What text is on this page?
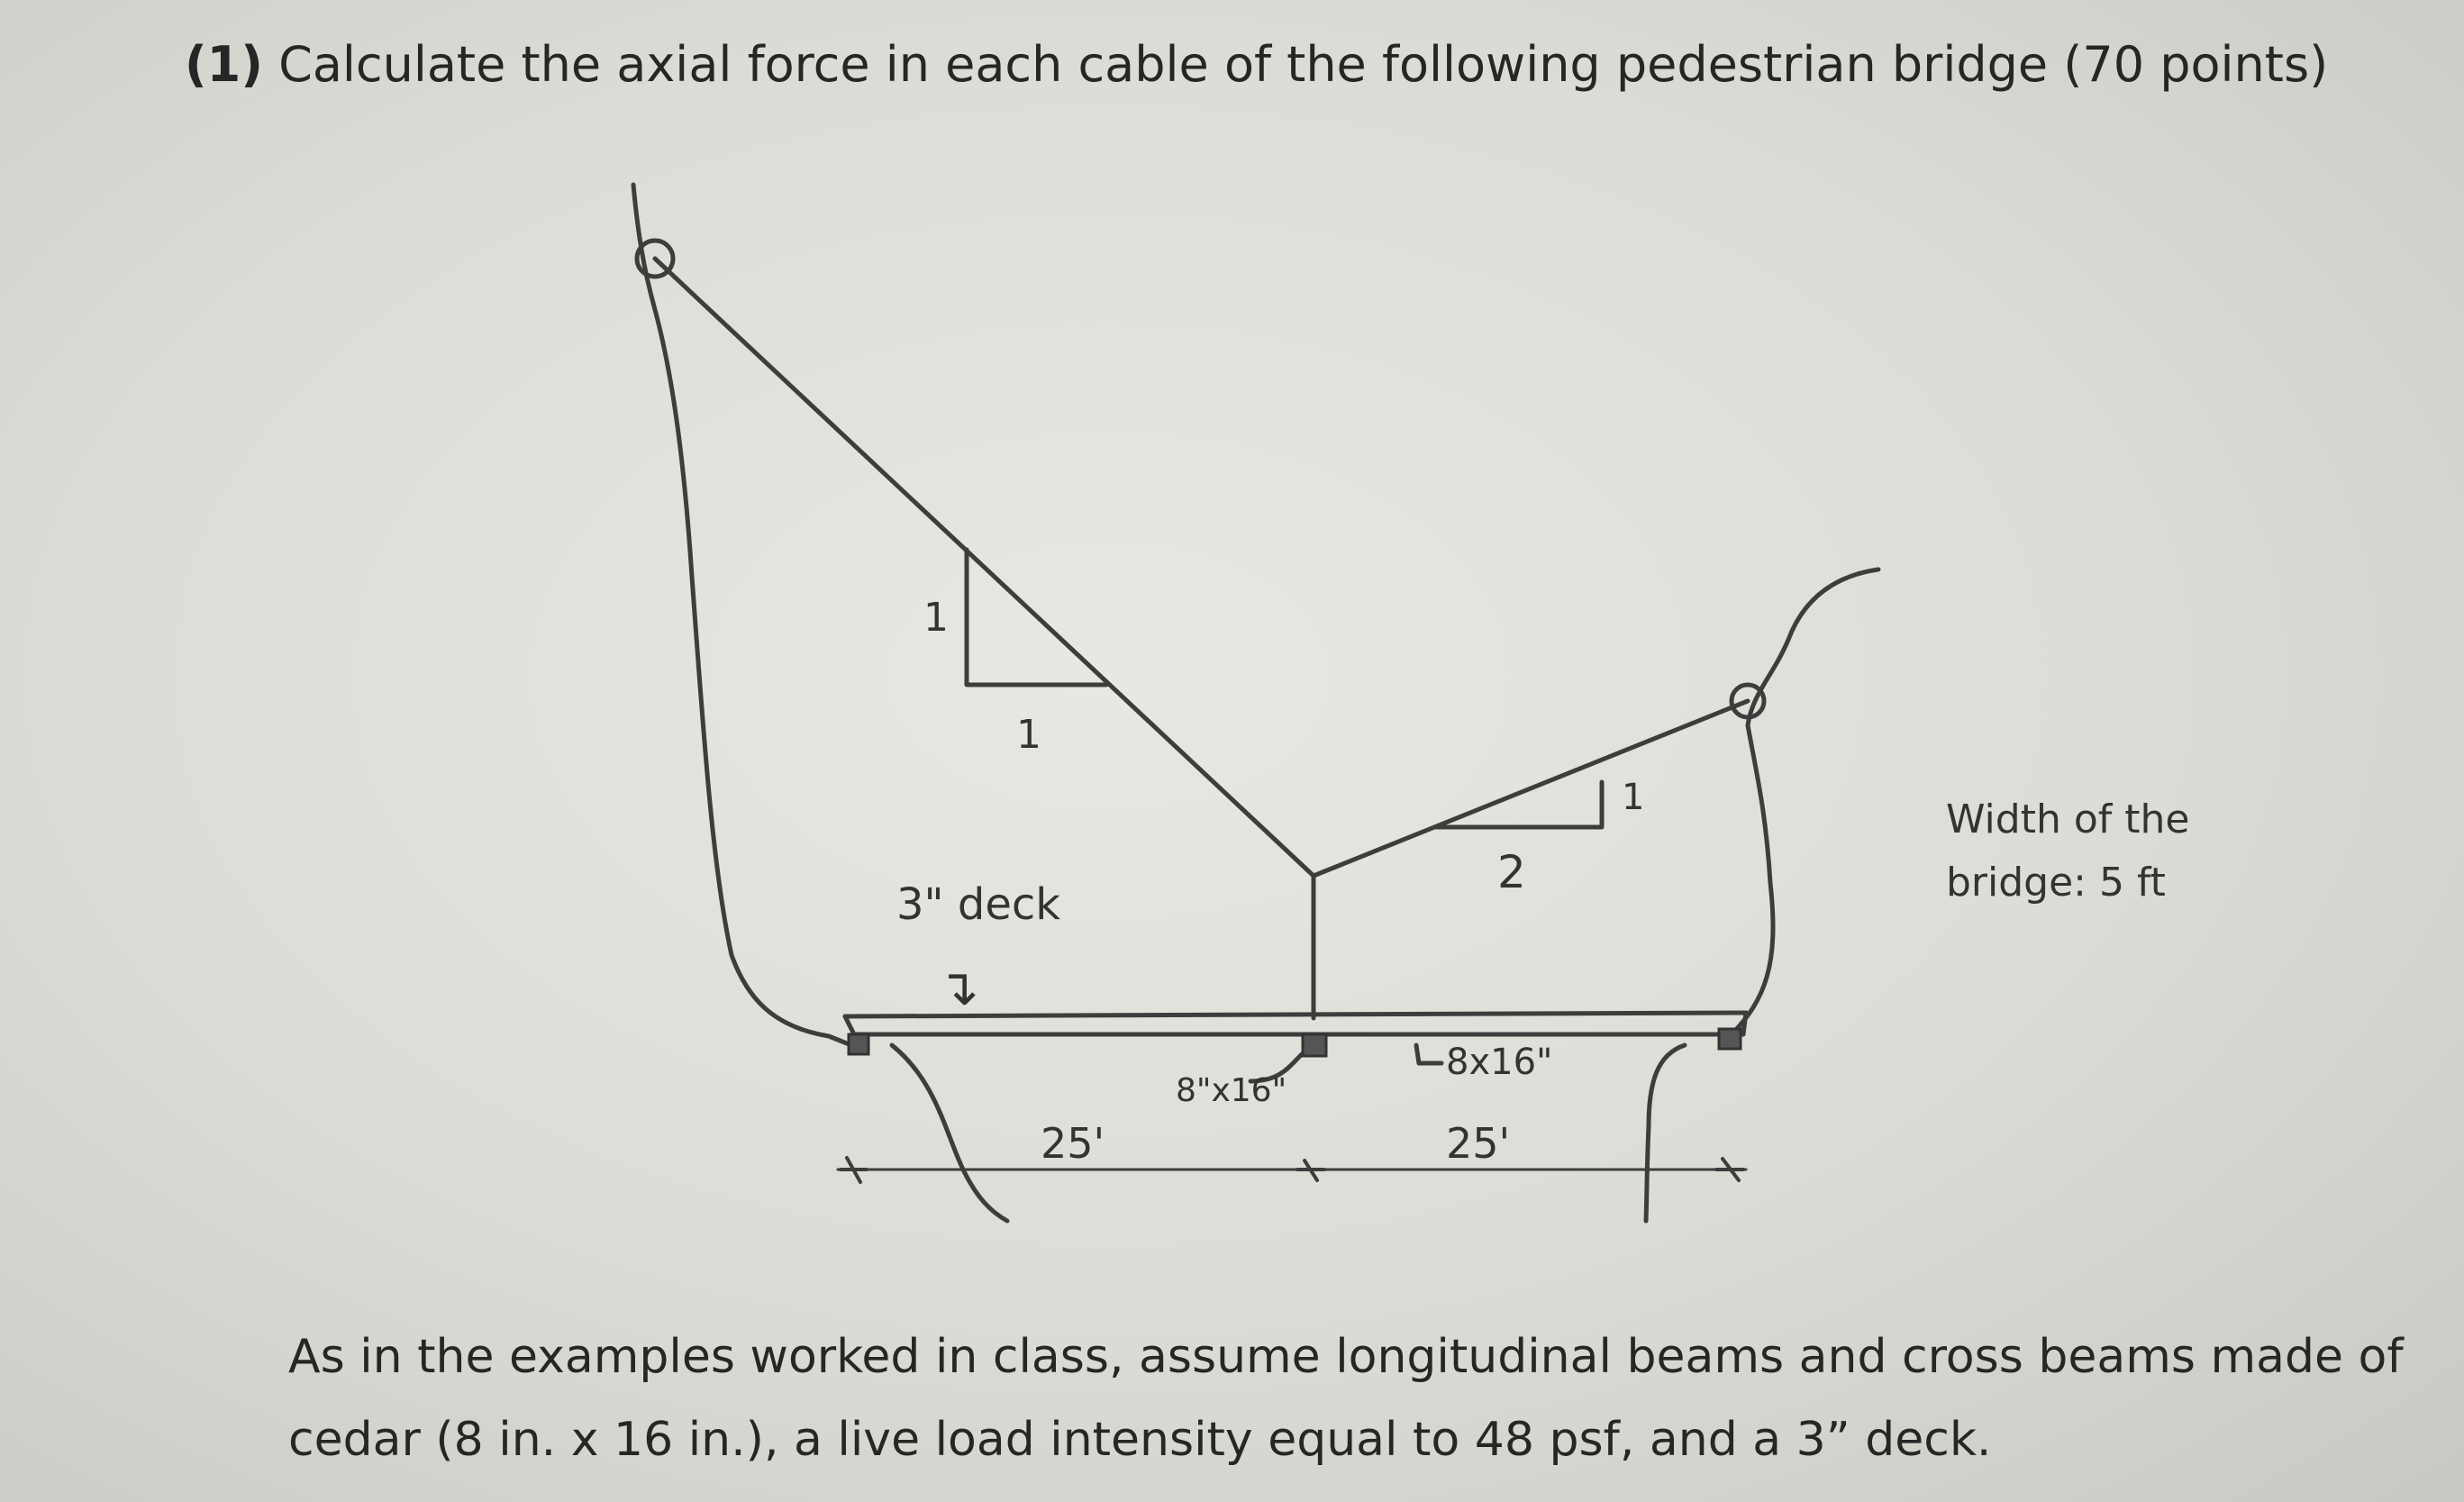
(1) Calculate the axial force in each cable of the following pedestrian bridge (70 points)
1
1
1
2
3" deck
↴
8"x16"
8x16"
25'	25'
Width of the
bridge: 5 ft
As in the examples worked in class, assume longitudinal beams and cross beams made of
cedar (8 in. x 16 in.), a live load intensity equal to 48 psf, and a 3” deck.
